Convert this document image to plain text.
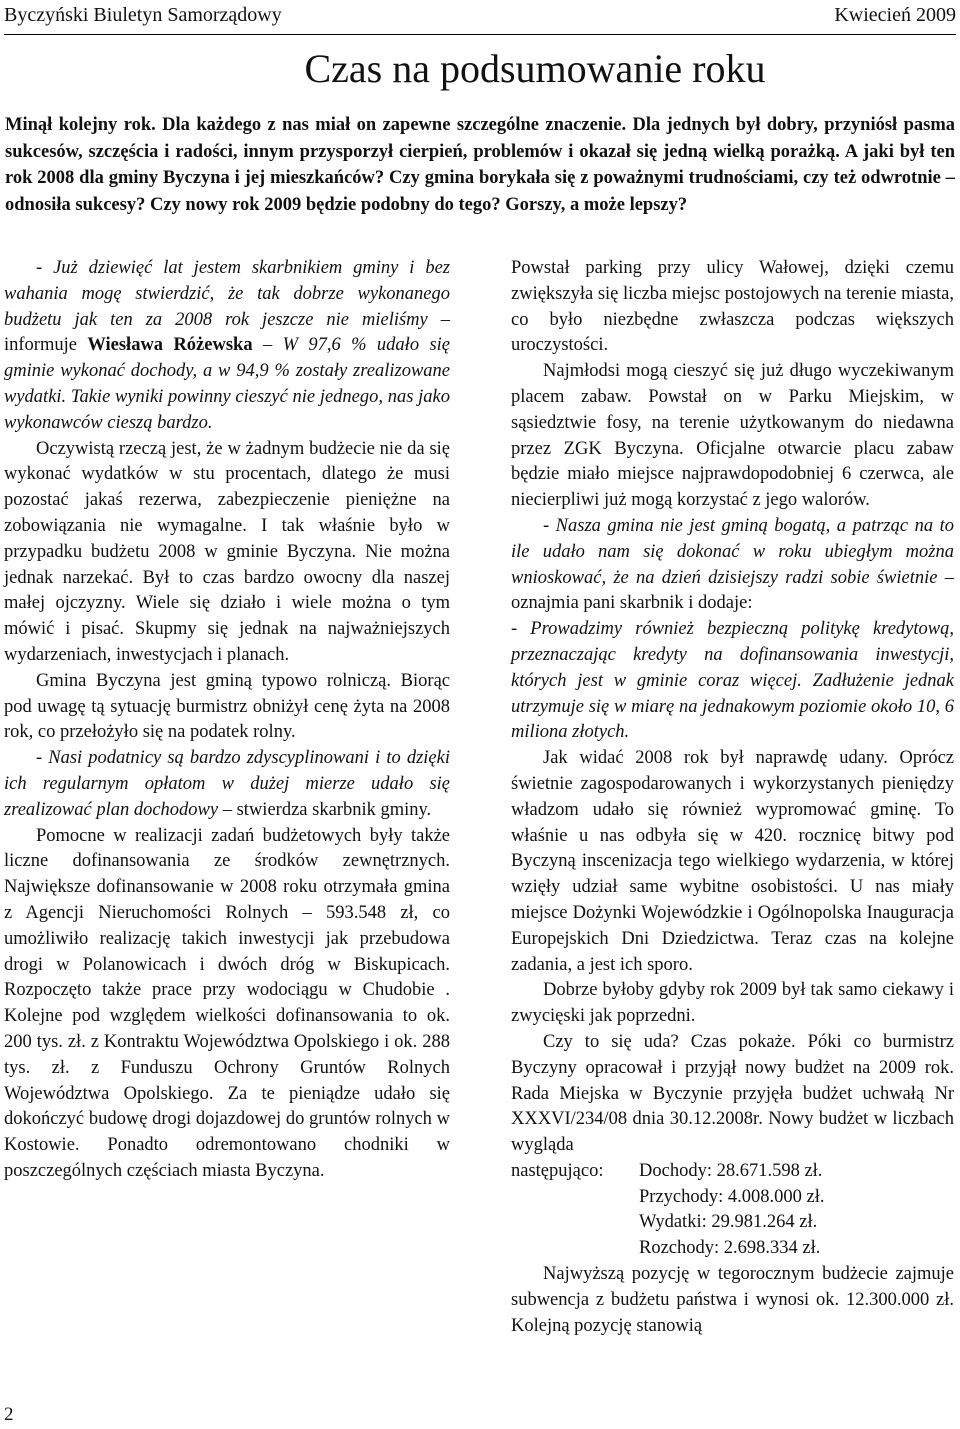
Byczyński Biuletyn Samorządowy	Kwiecień 2009
Czas na podsumowanie roku
Minął kolejny rok. Dla każdego z nas miał on zapewne szczególne znaczenie. Dla jednych był dobry, przyniósł pasma sukcesów, szczęścia i radości, innym przysporzył cierpień, problemów i okazał się jedną wielką porażką. A jaki był ten rok 2008 dla gminy Byczyna i jej mieszkańców? Czy gmina borykała się z poważnymi trudnościami, czy też odwrotnie – odnosiła sukcesy? Czy nowy rok 2009 będzie podobny do tego? Gorszy, a może lepszy?

- Już dziewięć lat jestem skarbnikiem gminy i bez wahania mogę stwierdzić, że tak dobrze wykonanego budżetu jak ten za 2008 rok jeszcze nie mieliśmy – informuje Wiesława Różewska – W 97,6 % udało się gminie wykonać dochody, a w 94,9 % zostały zrealizowane wydatki. Takie wyniki powinny cieszyć nie jednego, nas jako wykonawców cieszą bardzo.

Oczywistą rzeczą jest, że w żadnym budżecie nie da się wykonać wydatków w stu procentach, dlatego że musi pozostać jakaś rezerwa, zabezpieczenie pieniężne na zobowiązania nie wymagalne. I tak właśnie było w przypadku budżetu 2008 w gminie Byczyna. Nie można jednak narzekać. Był to czas bardzo owocny dla naszej małej ojczyzny. Wiele się działo i wiele można o tym mówić i pisać. Skupmy się jednak na najważniejszych wydarzeniach, inwestycjach i planach.

Gmina Byczyna jest gminą typowo rolniczą. Biorąc pod uwagę tą sytuację burmistrz obniżył cenę żyta na 2008 rok, co przełożyło się na podatek rolny.

- Nasi podatnicy są bardzo zdyscyplinowani i to dzięki ich regularnym opłatom w dużej mierze udało się zrealizować plan dochodowy – stwierdza skarbnik gminy.

Pomocne w realizacji zadań budżetowych były także liczne dofinansowania ze środków zewnętrznych. Największe dofinansowanie w 2008 roku otrzymała gmina z Agencji Nieruchomości Rolnych – 593.548 zł, co umożliwiło realizację takich inwestycji jak przebudowa drogi w Polanowicach i dwóch dróg w Biskupicach. Rozpoczęto także prace przy wodociągu w Chudobie . Kolejne pod względem wielkości dofinansowania to ok. 200 tys. zł. z Kontraktu Województwa Opolskiego i ok. 288 tys. zł. z Funduszu Ochrony Gruntów Rolnych Województwa Opolskiego. Za te pieniądze udało się dokończyć budowę drogi dojazdowej do gruntów rolnych w Kostowie. Ponadto odremontowano chodniki w poszczególnych częściach miasta Byczyna.

Powstał parking przy ulicy Wałowej, dzięki czemu zwiększyła się liczba miejsc postojowych na terenie miasta, co było niezbędne zwłaszcza podczas większych uroczystości.

Najmłodsi mogą cieszyć się już długo wyczekiwanym placem zabaw. Powstał on w Parku Miejskim, w sąsiedztwie fosy, na terenie użytkowanym do niedawna przez ZGK Byczyna. Oficjalne otwarcie placu zabaw będzie miało miejsce najprawdopodobniej 6 czerwca, ale niecierpliwi już mogą korzystać z jego walorów.

- Nasza gmina nie jest gminą bogatą, a patrząc na to ile udało nam się dokonać w roku ubiegłym można wnioskować, że na dzień dzisiejszy radzi sobie świetnie – oznajmia pani skarbnik i dodaje:

- Prowadzimy również bezpieczną politykę kredytową, przeznaczając kredyty na dofinansowania inwestycji, których jest w gminie coraz więcej. Zadłużenie jednak utrzymuje się w miarę na jednakowym poziomie około 10, 6 miliona złotych.

Jak widać 2008 rok był naprawdę udany. Oprócz świetnie zagospodarowanych i wykorzystanych pieniędzy władzom udało się również wypromować gminę. To właśnie u nas odbyła się w 420. rocznicę bitwy pod Byczyną inscenizacja tego wielkiego wydarzenia, w której wzięły udział same wybitne osobistości. U nas miały miejsce Dożynki Wojewódzkie i Ogólnopolska Inauguracja Europejskich Dni Dziedzictwa. Teraz czas na kolejne zadania, a jest ich sporo.

Dobrze byłoby gdyby rok 2009 był tak samo ciekawy i zwycięski jak poprzedni.

Czy to się uda? Czas pokaże. Póki co burmistrz Byczyny opracował i przyjął nowy budżet na 2009 rok. Rada Miejska w Byczynie przyjęła budżet uchwałą Nr XXXVI/234/08 dnia 30.12.2008r. Nowy budżet w liczbach wygląda

następująco:	Dochody: 28.671.598 zł.
Przychody: 4.008.000 zł.
Wydatki: 29.981.264 zł.
Rozchody: 2.698.334 zł.

Najwyższą pozycję w tegorocznym budżecie zajmuje subwencja z budżetu państwa i wynosi ok. 12.300.000 zł. Kolejną pozycję stanowią

2
